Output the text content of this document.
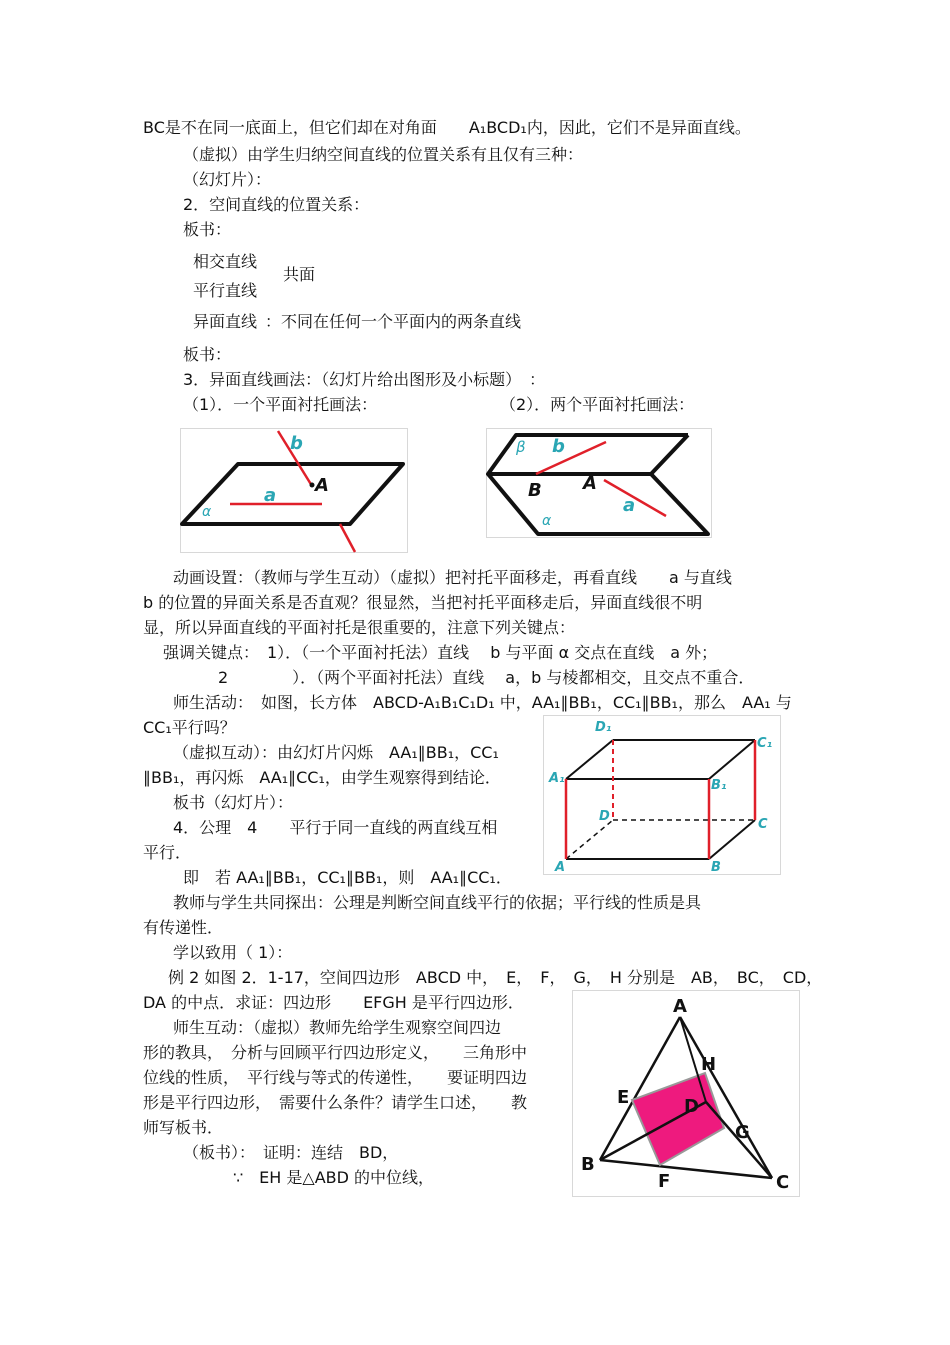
BC是不在同一底面上，但它们却在对角面　　A₁BCD₁内，因此，它们不是异面直线。
（虚拟）由学生归纳空间直线的位置关系有且仅有三种：
（幻灯片）：
2．空间直线的位置关系：
板书：
相交直线
平行直线
共面
异面直线 ：不同在任何一个平面内的两条直线
板书：
3．异面直线画法：（幻灯片给出图形及小标题）　：
（1）．一个平面衬托画法：	（2）．两个平面衬托画法：
b
A
a
α
β b
B A
a
α
动画设置：（教师与学生互动）（虚拟）把衬托平面移走，再看直线　　a 与直线
b 的位置的异面关系是否直观？很显然，当把衬托平面移走后，异面直线很不明
显，所以异面直线的平面衬托是很重要的，注意下列关键点：
强调关键点：　1）．（一个平面衬托法）直线　 b 与平面 α 交点在直线　a 外；
2　　　　）．（两个平面衬托法）直线　 a，b 与棱都相交，且交点不重合．
师生活动：　如图，长方体　ABCD-A₁B₁C₁D₁ 中，AA₁∥BB₁，CC₁∥BB₁，那么　AA₁ 与
CC₁平行吗？
（虚拟互动）：由幻灯片闪烁　AA₁∥BB₁，CC₁
∥BB₁，再闪烁　AA₁∥CC₁，由学生观察得到结论．
板书（幻灯片）：
4．公理　4　　平行于同一直线的两直线互相
平行．
即　若 AA₁∥BB₁，CC₁∥BB₁，则　AA₁∥CC₁．
D₁
C₁
A₁	B₁
D
C
A	B
教师与学生共同探出：公理是判断空间直线平行的依据；平行线的性质是具
有传递性．
学以致用（ 1）：
例 2 如图 2．1-17，空间四边形　ABCD 中，　E，　F，　G，　H 分别是　AB，　BC，　CD，
DA 的中点．求证：四边形　　EFGH 是平行四边形．
师生互动：（虚拟）教师先给学生观察空间四边
形的教具，　分析与回顾平行四边形定义，　　三角形中
位线的性质，　平行线与等式的传递性，　　要证明四边
形是平行四边形，　需要什么条件？请学生口述，　　教
师写板书．
（板书）：　证明：连结　BD，
∵　EH 是△ABD 的中位线，
A
H
E	D
G
B
F	C
